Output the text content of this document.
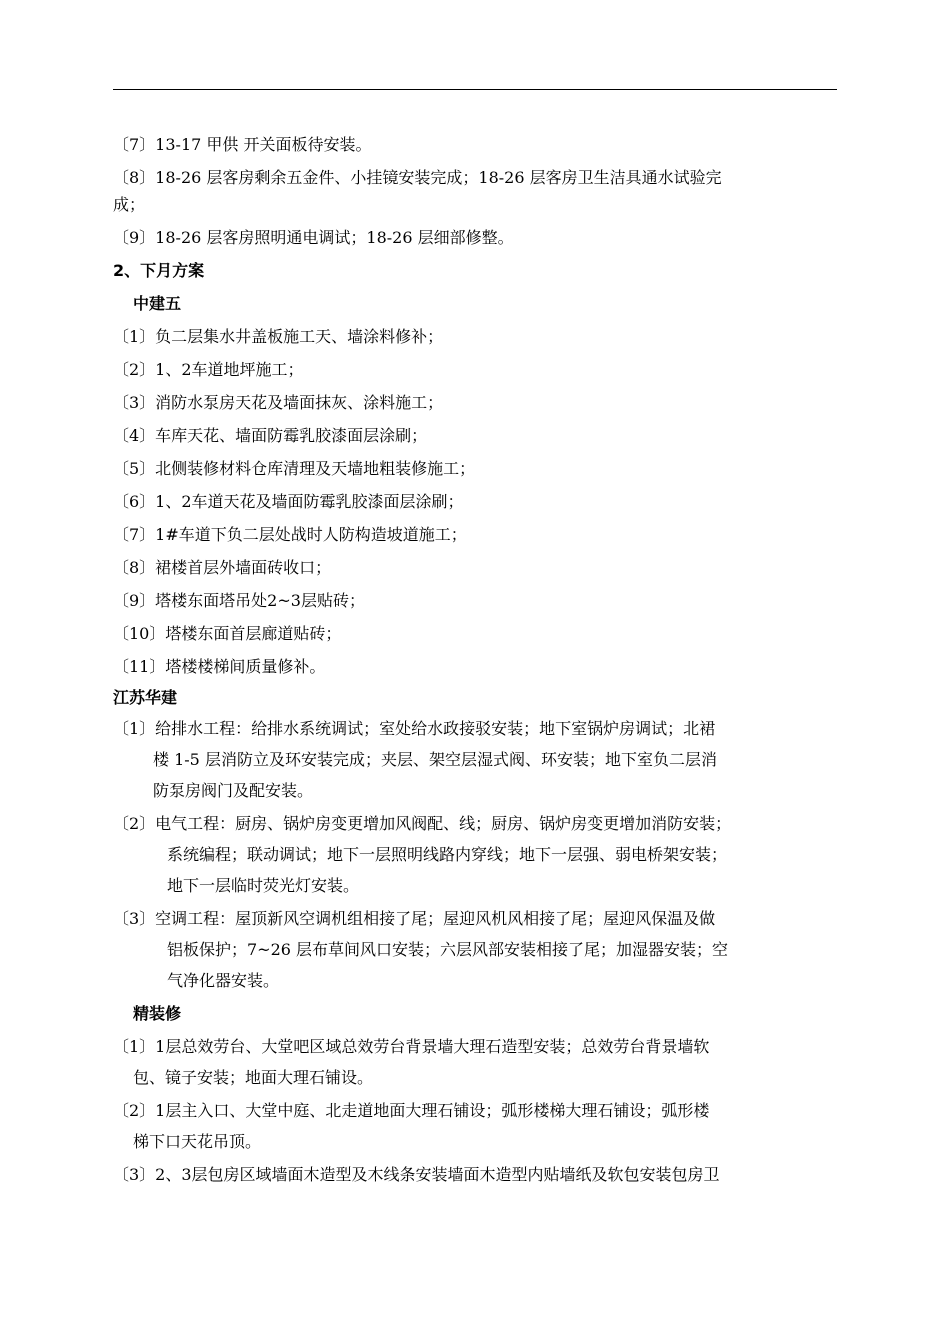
〔7〕13-17 甲供 开关面板待安装。
〔8〕18-26 层客房剩余五金件、小挂镜安装完成；18-26 层客房卫生洁具通水试验完
成；
〔9〕18-26 层客房照明通电调试；18-26 层细部修整。
2、下月方案
中建五
〔1〕负二层集水井盖板施工天、墙涂料修补；
〔2〕1、2车道地坪施工；
〔3〕消防水泵房天花及墙面抹灰、涂料施工；
〔4〕车库天花、墙面防霉乳胶漆面层涂刷；
〔5〕北侧装修材料仓库清理及天墙地粗装修施工；
〔6〕1、2车道天花及墙面防霉乳胶漆面层涂刷；
〔7〕1#车道下负二层处战时人防构造坡道施工；
〔8〕裙楼首层外墙面砖收口；
〔9〕塔楼东面塔吊处2~3层贴砖；
〔10〕塔楼东面首层廊道贴砖；
〔11〕塔楼楼梯间质量修补。
江苏华建
〔1〕给排水工程：给排水系统调试；室处给水政接驳安装；地下室锅炉房调试；北裙
楼 1-5 层消防立及环安装完成；夹层、架空层湿式阀、环安装；地下室负二层消
防泵房阀门及配安装。
〔2〕电气工程：厨房、锅炉房变更增加风阀配、线；厨房、锅炉房变更增加消防安装；
系统编程；联动调试；地下一层照明线路内穿线；地下一层强、弱电桥架安装；
地下一层临时荧光灯安装。
〔3〕空调工程：屋顶新风空调机组相接了尾；屋迎风机风相接了尾；屋迎风保温及做
铝板保护；7~26 层布草间风口安装；六层风部安装相接了尾；加湿器安装；空
气净化器安装。
精装修
〔1〕1层总效劳台、大堂吧区域总效劳台背景墙大理石造型安装；总效劳台背景墙软
包、镜子安装；地面大理石铺设。
〔2〕1层主入口、大堂中庭、北走道地面大理石铺设；弧形楼梯大理石铺设；弧形楼
梯下口天花吊顶。
〔3〕2、3层包房区域墙面木造型及木线条安装墙面木造型内贴墙纸及软包安装包房卫
